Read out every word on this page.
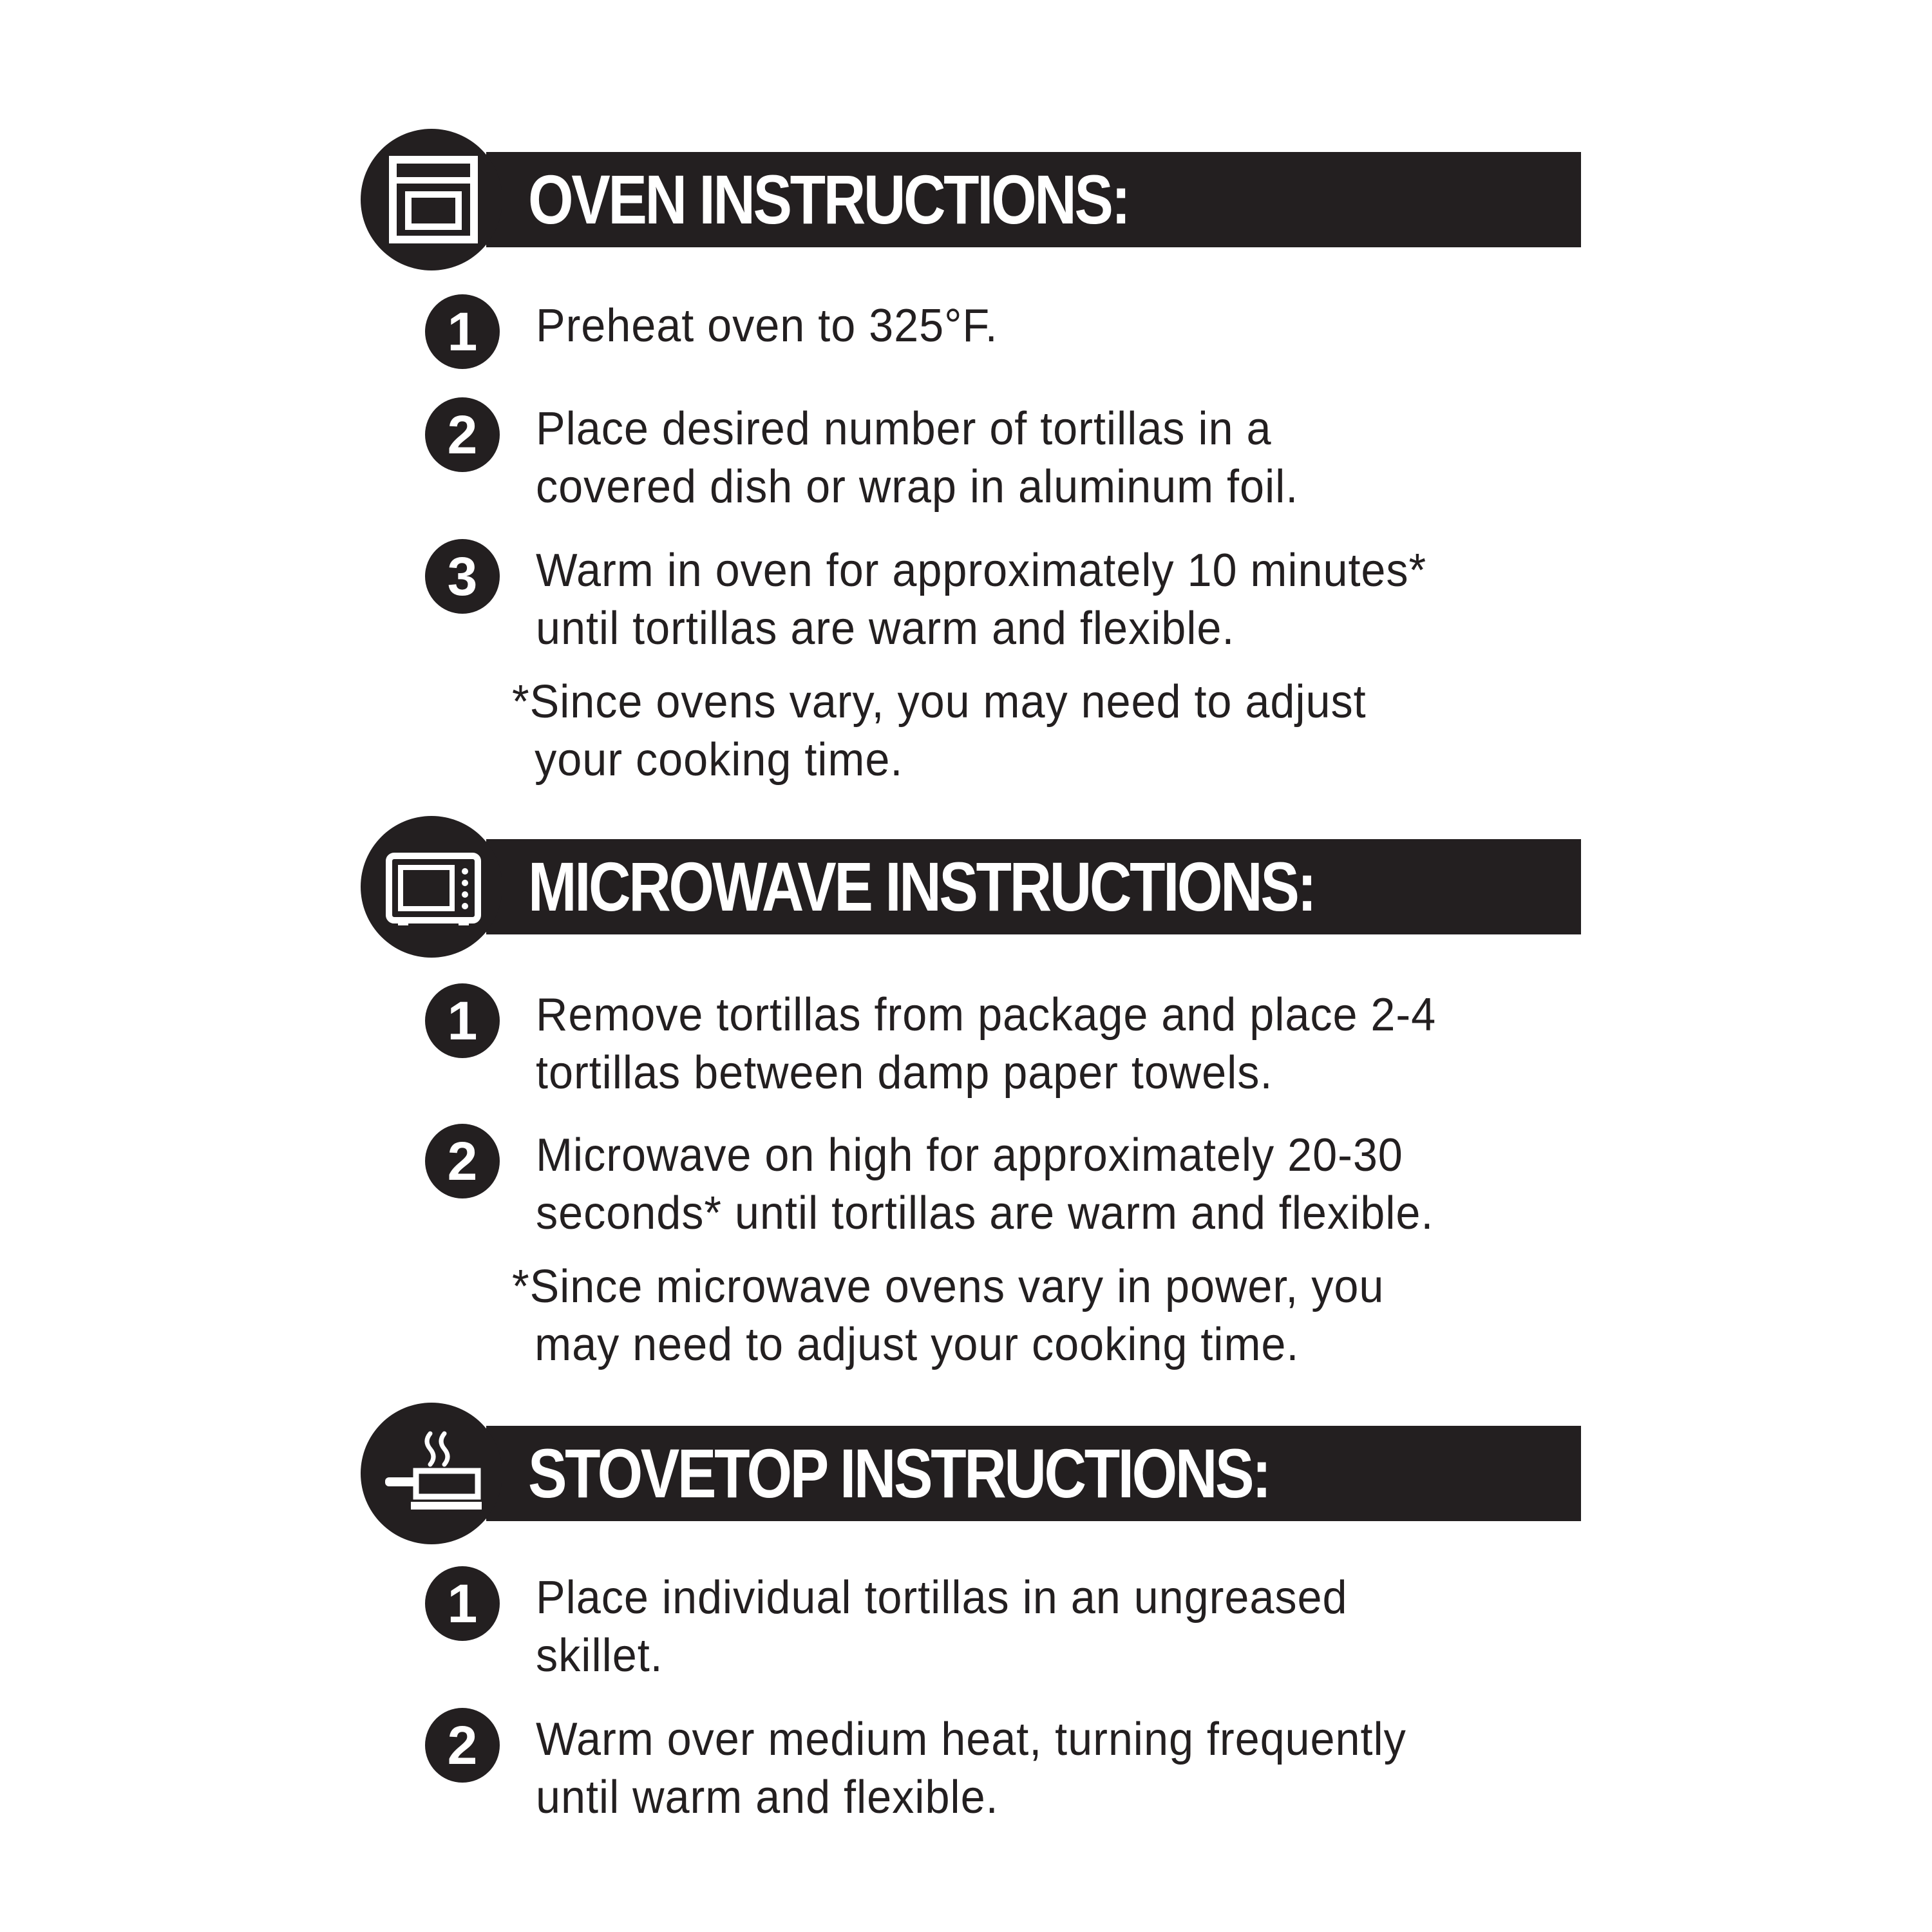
OVEN INSTRUCTIONS:
1	Preheat oven to 325°F.
2	Place desired number of tortillas in a
covered dish or wrap in aluminum foil.
3	Warm in oven for approximately 10 minutes*
until tortillas are warm and flexible.
*Since ovens vary, you may need to adjust
your cooking time.
MICROWAVE INSTRUCTIONS:
1	Remove tortillas from package and place 2-4
tortillas between damp paper towels.
2	Microwave on high for approximately 20-30
seconds* until tortillas are warm and flexible.
*Since microwave ovens vary in power, you
may need to adjust your cooking time.
STOVETOP INSTRUCTIONS:
1	Place individual tortillas in an ungreased
skillet.
2	Warm over medium heat, turning frequently
until warm and flexible.
